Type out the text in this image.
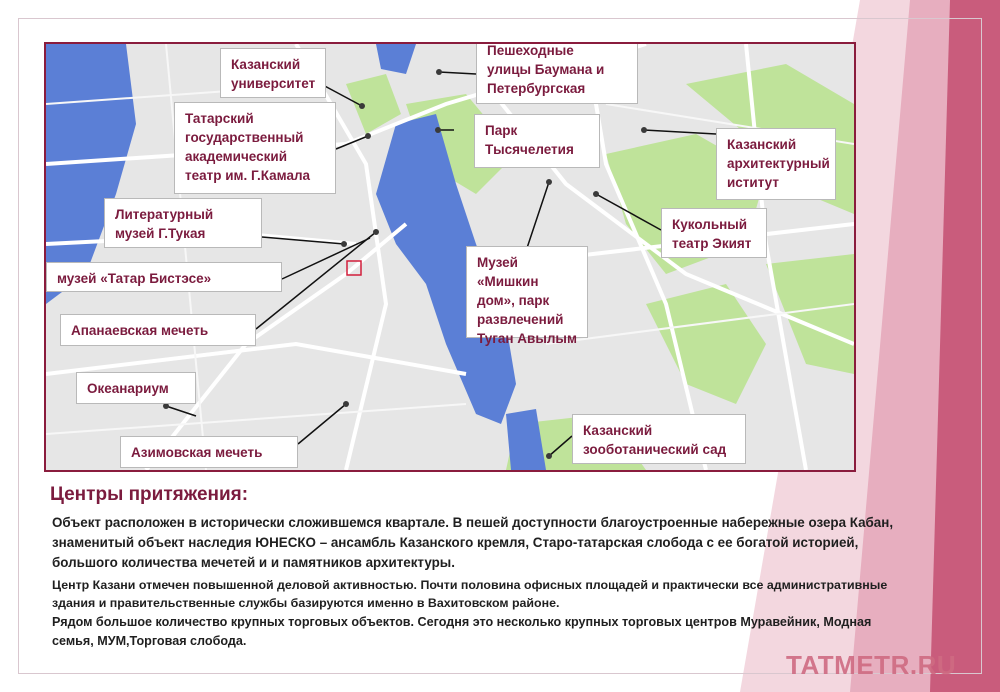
Казанский
университет
Пешеходные
улицы Баумана и
Петербургская
Татарский
государственный
академический
театр им. Г.Камала
Парк
Тысячелетия	Казанский
архитектурный
иститут
Литературный
музей Г.Тукая
Кукольный
театр Экият
музей «Татар Бистэсе»
Музей «Мишкин
дом», парк
развлечений
Туган Авылым
Апанаевская мечеть
Океанариум
Азимовская мечеть
Казанский
зооботанический сад
Центры притяжения:

Объект расположен в исторически сложившемся квартале. В пешей доступности благоустроенные набережные озера Кабан, знаменитый объект наследия ЮНЕСКО – ансамбль Казанского кремля, Старо-татарская слобода с ее богатой историей, большого количества мечетей и и памятников архитектуры.

Центр Казани отмечен повышенной деловой активностью. Почти половина офисных площадей и практически все административные здания и правительственные службы базируются именно в Вахитовском районе.

Рядом большое количество крупных торговых объектов. Сегодня это несколько крупных торговых центров Муравейник, Модная семья, МУМ,Торговая слобода.

TATMETR.RU
